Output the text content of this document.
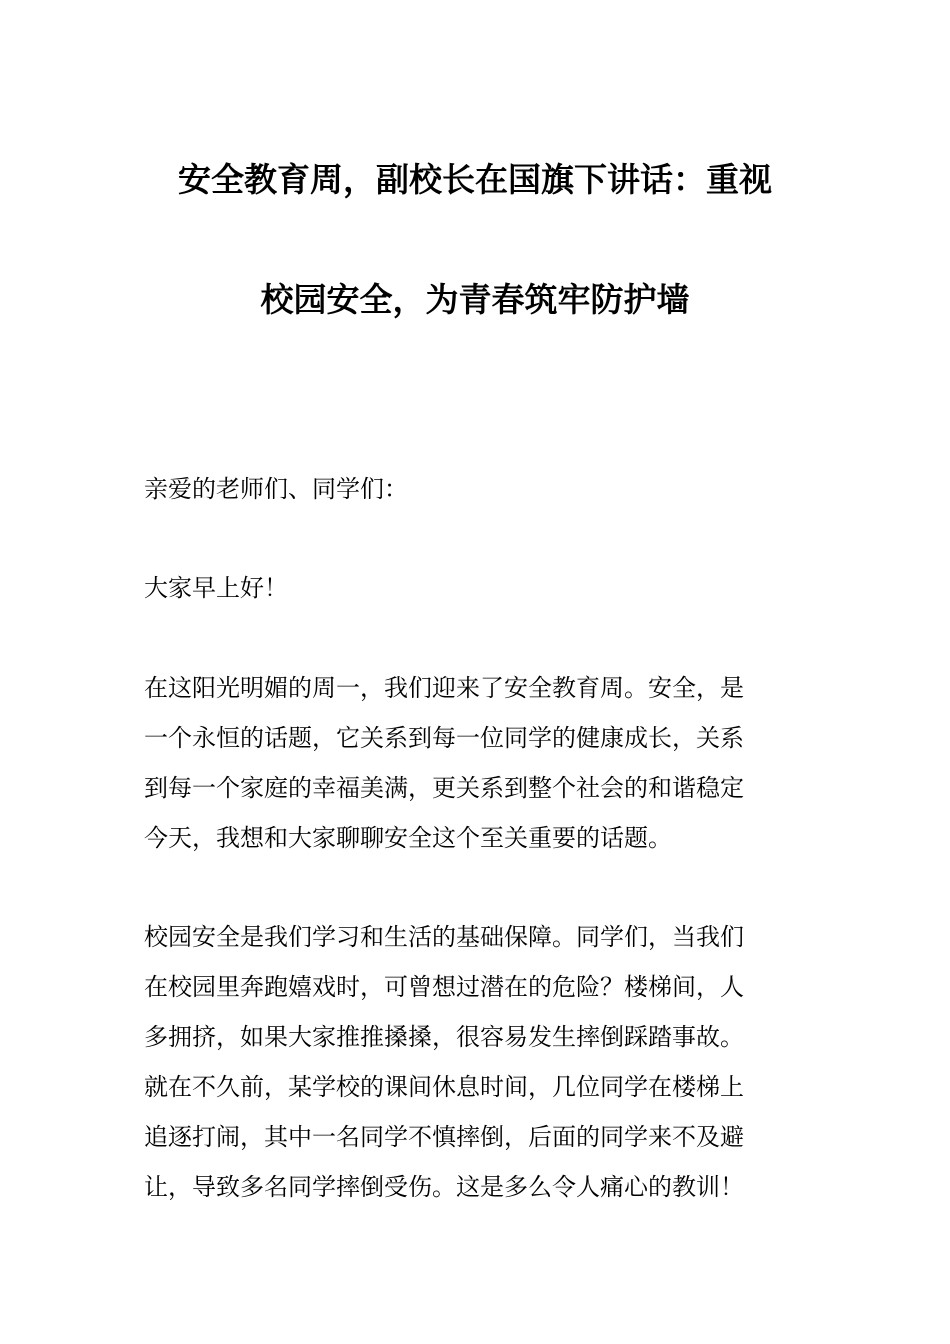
安全教育周，副校长在国旗下讲话：重视
校园安全，为青春筑牢防护墙
亲爱的老师们、同学们：
大家早上好！
在这阳光明媚的周一，我们迎来了安全教育周。安全，是
一个永恒的话题，它关系到每一位同学的健康成长，关系
到每一个家庭的幸福美满，更关系到整个社会的和谐稳定
今天，我想和大家聊聊安全这个至关重要的话题。
校园安全是我们学习和生活的基础保障。同学们，当我们
在校园里奔跑嬉戏时，可曾想过潜在的危险？楼梯间，人
多拥挤，如果大家推推搡搡，很容易发生摔倒踩踏事故。
就在不久前，某学校的课间休息时间，几位同学在楼梯上
追逐打闹，其中一名同学不慎摔倒，后面的同学来不及避
让，导致多名同学摔倒受伤。这是多么令人痛心的教训！
